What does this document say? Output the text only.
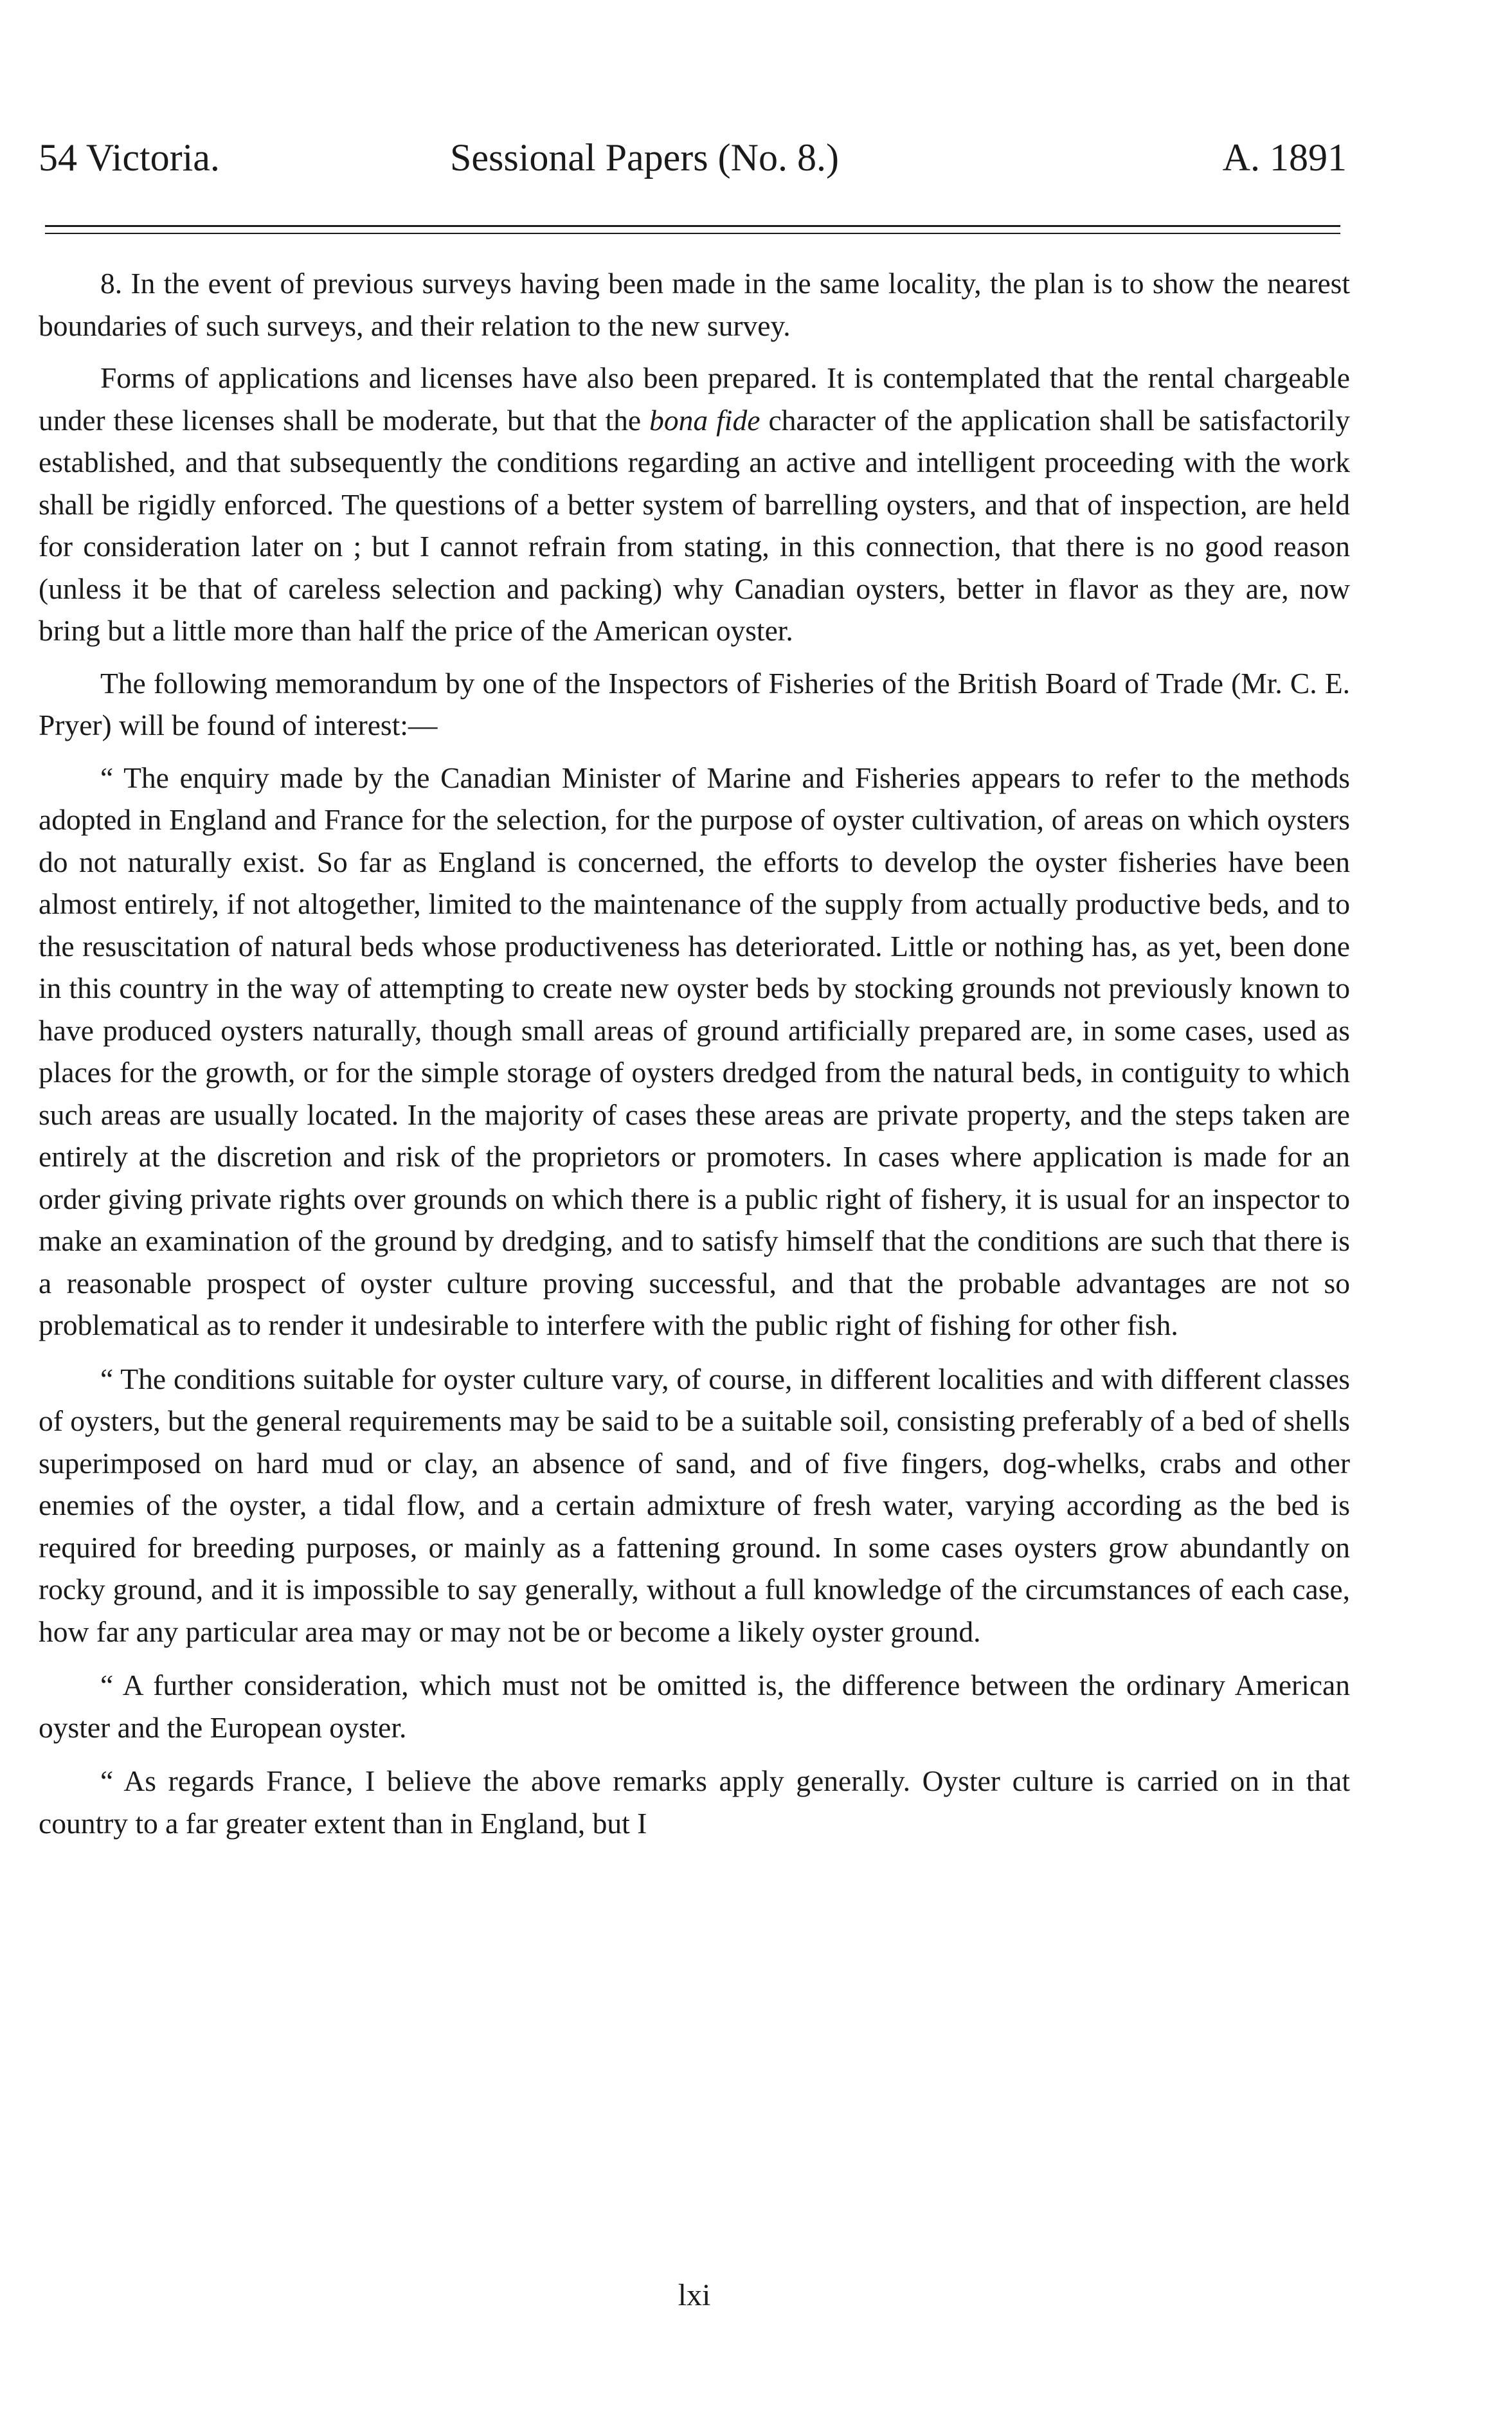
54 Victoria.	Sessional Papers (No. 8.)	A. 1891

8. In the event of previous surveys having been made in the same locality, the plan is to show the nearest boundaries of such surveys, and their relation to the new survey.

Forms of applications and licenses have also been prepared. It is contemplated that the rental chargeable under these licenses shall be moderate, but that the bona fide character of the application shall be satisfactorily established, and that subsequently the conditions regarding an active and intelligent proceeding with the work shall be rigidly enforced. The questions of a better system of barrelling oysters, and that of inspection, are held for consideration later on ; but I cannot refrain from stating, in this connection, that there is no good reason (unless it be that of careless selection and packing) why Canadian oysters, better in flavor as they are, now bring but a little more than half the price of the American oyster.

The following memorandum by one of the Inspectors of Fisheries of the British Board of Trade (Mr. C. E. Pryer) will be found of interest:—

“ The enquiry made by the Canadian Minister of Marine and Fisheries appears to refer to the methods adopted in England and France for the selection, for the purpose of oyster cultivation, of areas on which oysters do not naturally exist. So far as England is concerned, the efforts to develop the oyster fisheries have been almost entirely, if not altogether, limited to the maintenance of the supply from actually productive beds, and to the resuscitation of natural beds whose productiveness has deteriorated. Little or nothing has, as yet, been done in this country in the way of attempting to create new oyster beds by stocking grounds not previously known to have produced oysters naturally, though small areas of ground artificially prepared are, in some cases, used as places for the growth, or for the simple storage of oysters dredged from the natural beds, in contiguity to which such areas are usually located. In the majority of cases these areas are private property, and the steps taken are entirely at the discretion and risk of the proprietors or promoters. In cases where application is made for an order giving private rights over grounds on which there is a public right of fishery, it is usual for an inspector to make an examination of the ground by dredging, and to satisfy himself that the conditions are such that there is a reasonable prospect of oyster culture proving successful, and that the probable advantages are not so problematical as to render it undesirable to interfere with the public right of fishing for other fish.

“ The conditions suitable for oyster culture vary, of course, in different localities and with different classes of oysters, but the general requirements may be said to be a suitable soil, consisting preferably of a bed of shells superimposed on hard mud or clay, an absence of sand, and of five fingers, dog-whelks, crabs and other enemies of the oyster, a tidal flow, and a certain admixture of fresh water, varying according as the bed is required for breeding purposes, or mainly as a fattening ground. In some cases oysters grow abundantly on rocky ground, and it is impossible to say generally, without a full knowledge of the circumstances of each case, how far any particular area may or may not be or become a likely oyster ground.

“ A further consideration, which must not be omitted is, the difference between the ordinary American oyster and the European oyster.

“ As regards France, I believe the above remarks apply generally. Oyster culture is carried on in that country to a far greater extent than in England, but I

lxi
